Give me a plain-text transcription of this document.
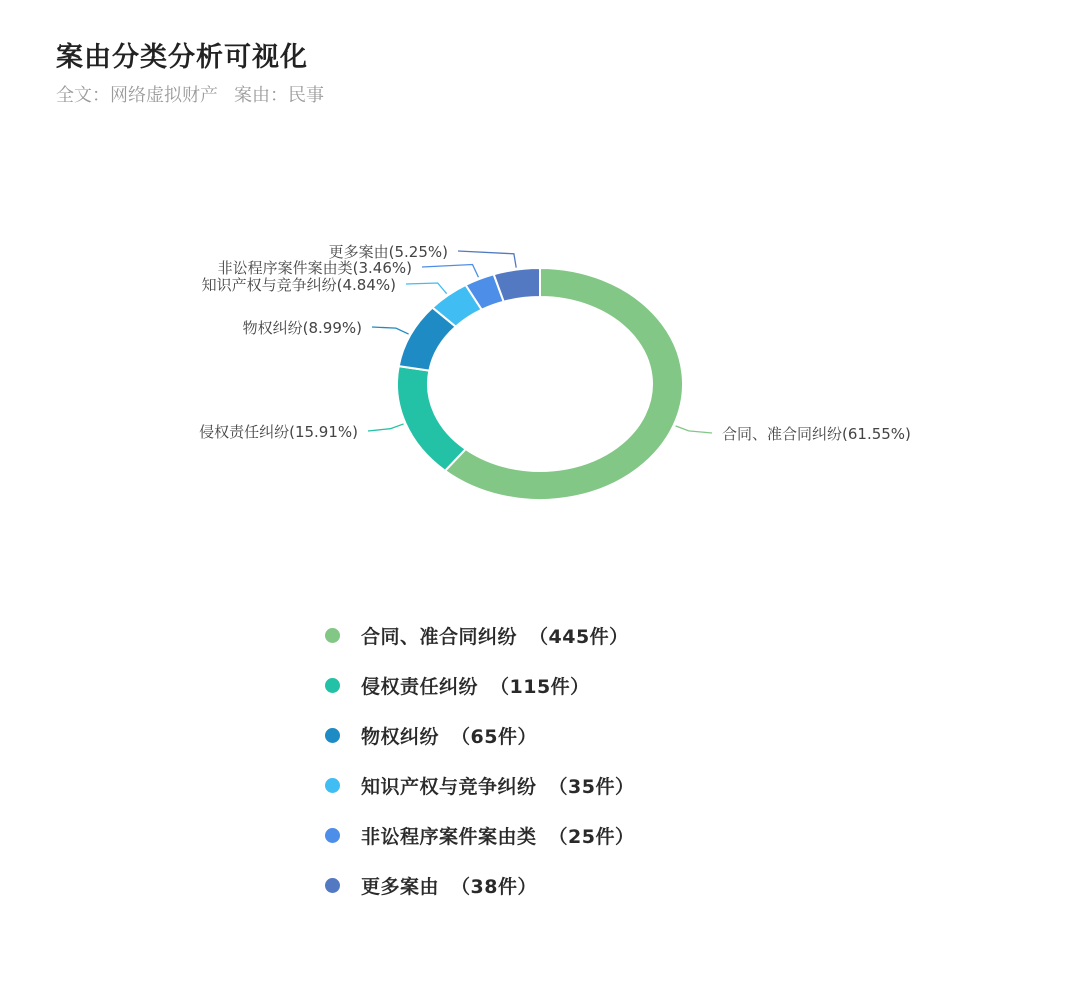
案由分类分析可视化
全文：网络虚拟财产 案由：民事
合同、准合同纠纷(61.55%)
侵权责任纠纷(15.91%)
物权纠纷(8.99%)
知识产权与竞争纠纷(4.84%)
非讼程序案件案由类(3.46%)
更多案由(5.25%)
合同、准合同纠纷 （445件）
侵权责任纠纷 （115件）
物权纠纷 （65件）
知识产权与竞争纠纷 （35件）
非讼程序案件案由类 （25件）
更多案由 （38件）
